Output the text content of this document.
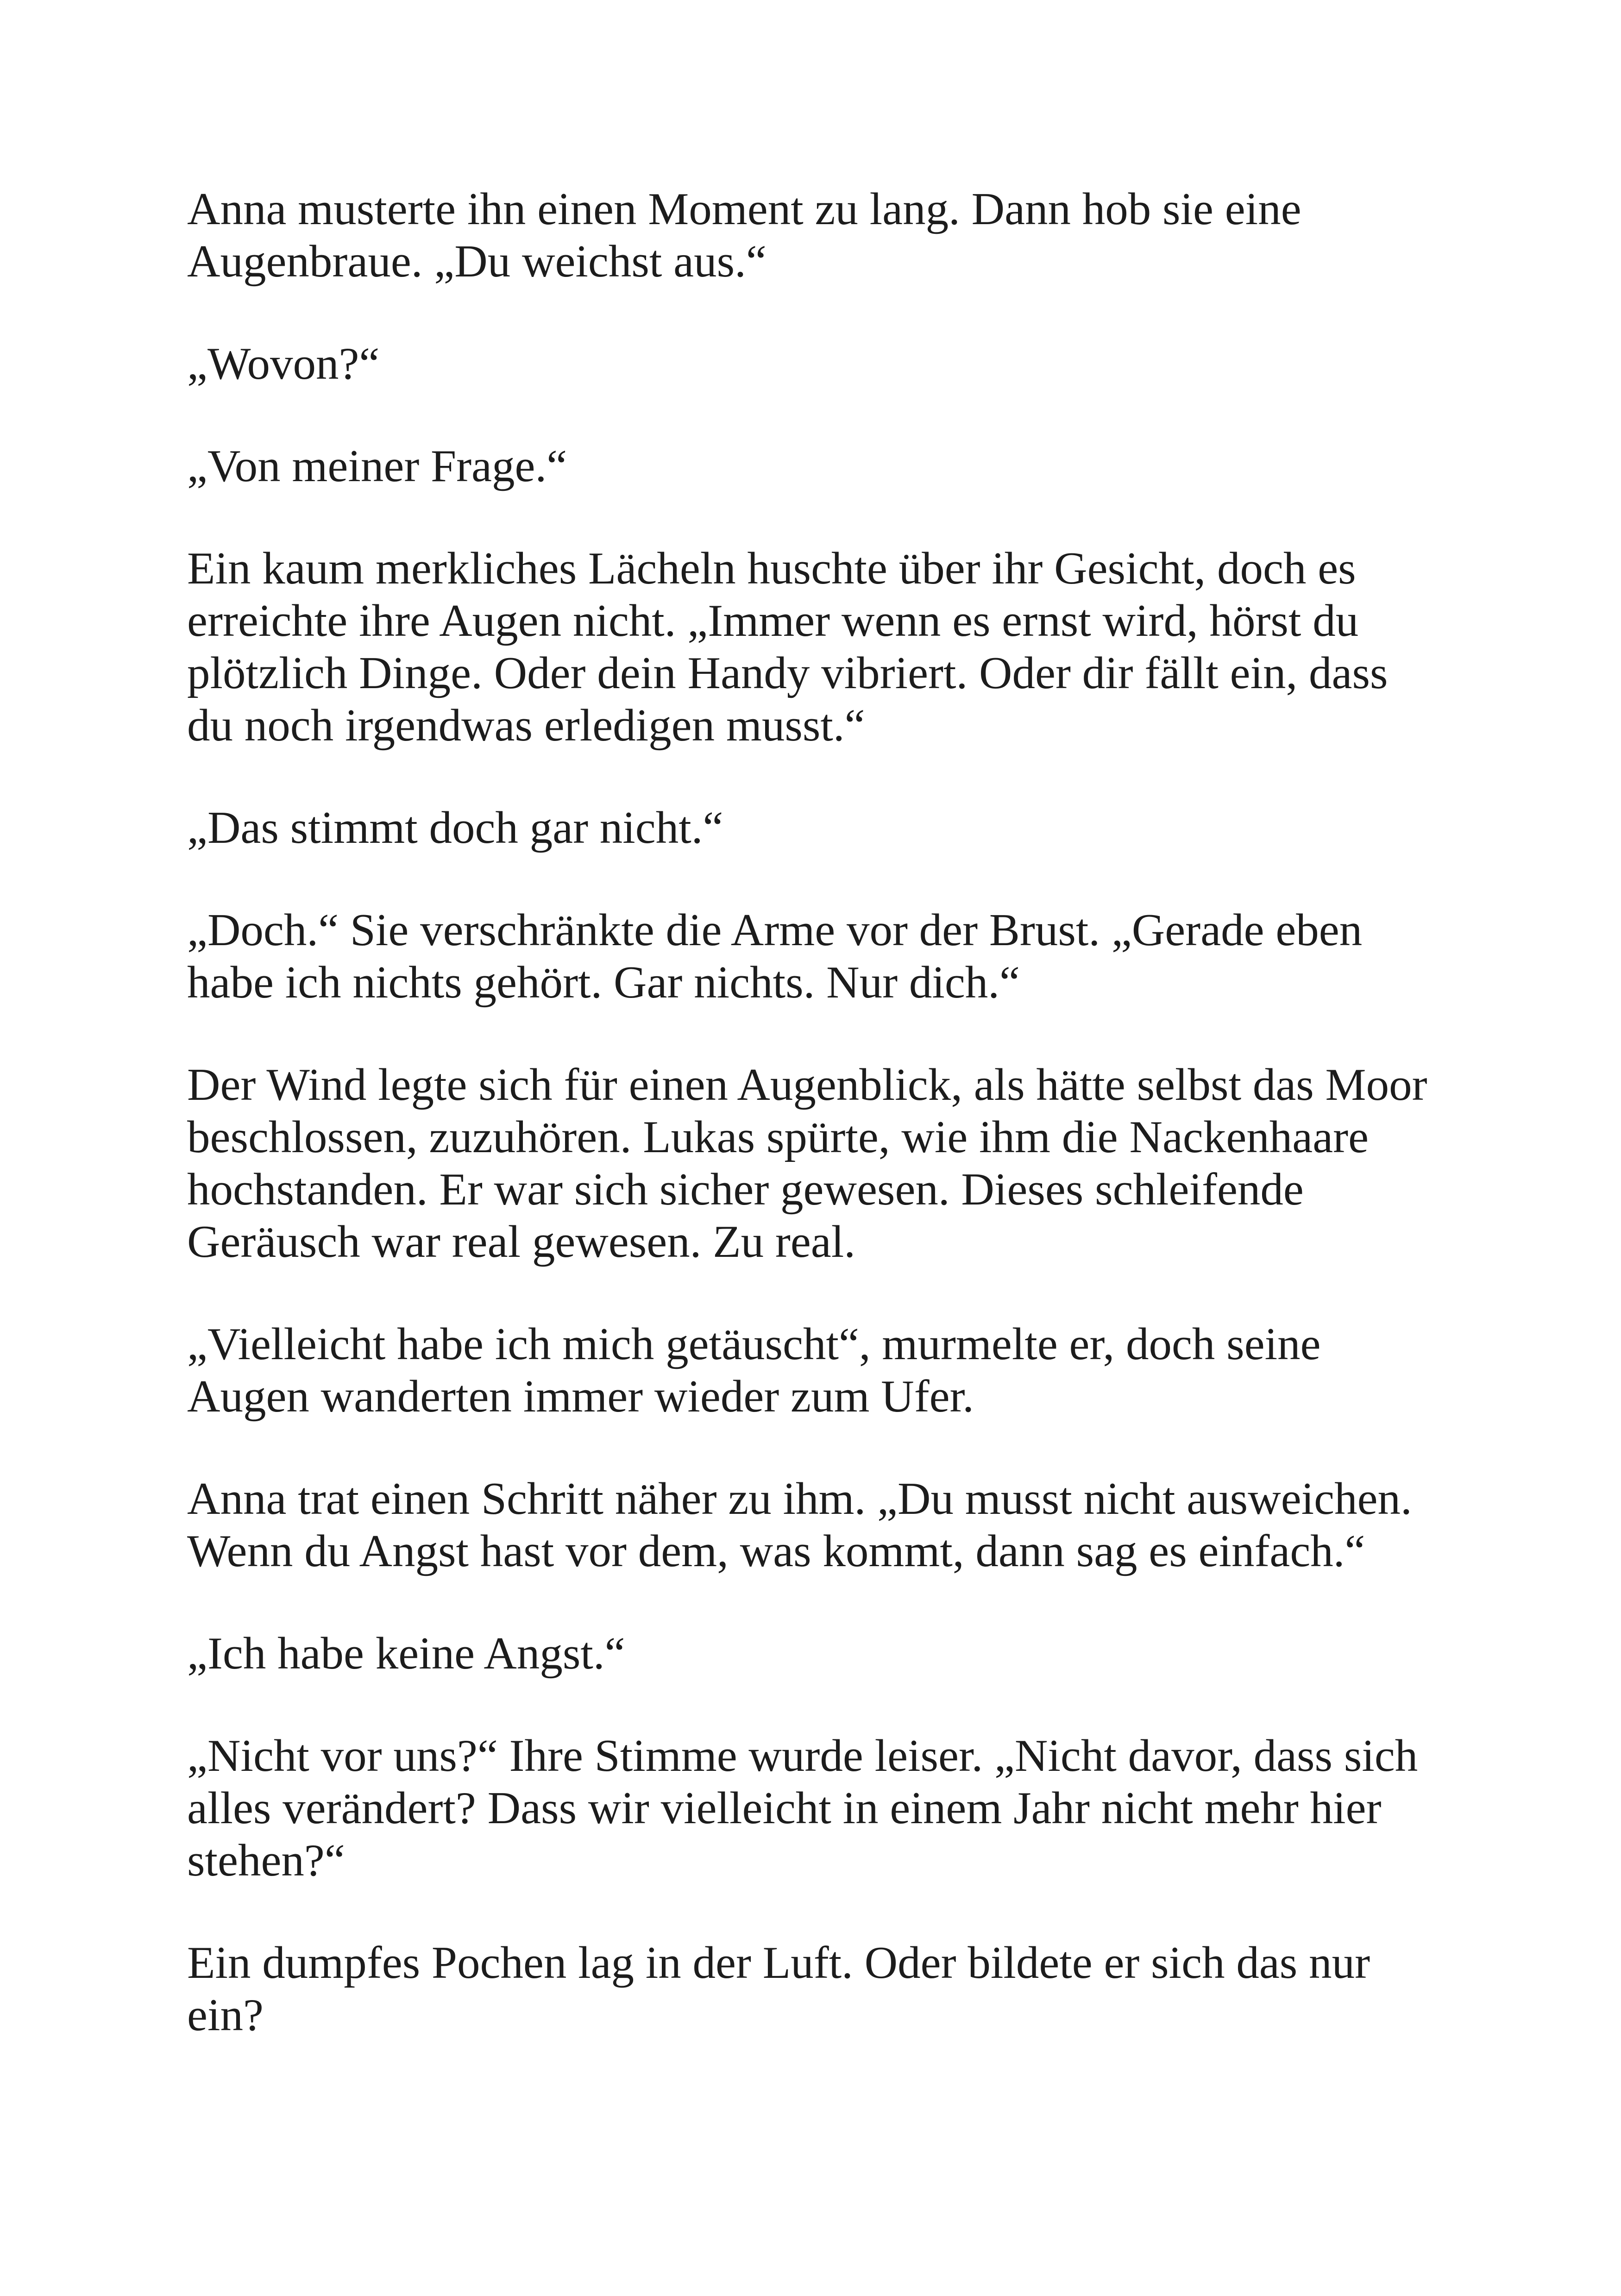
Anna musterte ihn einen Moment zu lang. Dann hob sie eine
Augenbraue. „Du weichst aus.“

„Wovon?“

„Von meiner Frage.“

Ein kaum merkliches Lächeln huschte über ihr Gesicht, doch es
erreichte ihre Augen nicht. „Immer wenn es ernst wird, hörst du
plötzlich Dinge. Oder dein Handy vibriert. Oder dir fällt ein, dass
du noch irgendwas erledigen musst.“

„Das stimmt doch gar nicht.“

„Doch.“ Sie verschränkte die Arme vor der Brust. „Gerade eben
habe ich nichts gehört. Gar nichts. Nur dich.“

Der Wind legte sich für einen Augenblick, als hätte selbst das Moor
beschlossen, zuzuhören. Lukas spürte, wie ihm die Nackenhaare
hochstanden. Er war sich sicher gewesen. Dieses schleifende
Geräusch war real gewesen. Zu real.

„Vielleicht habe ich mich getäuscht“, murmelte er, doch seine
Augen wanderten immer wieder zum Ufer.

Anna trat einen Schritt näher zu ihm. „Du musst nicht ausweichen.
Wenn du Angst hast vor dem, was kommt, dann sag es einfach.“

„Ich habe keine Angst.“

„Nicht vor uns?“ Ihre Stimme wurde leiser. „Nicht davor, dass sich
alles verändert? Dass wir vielleicht in einem Jahr nicht mehr hier
stehen?“

Ein dumpfes Pochen lag in der Luft. Oder bildete er sich das nur
ein?
